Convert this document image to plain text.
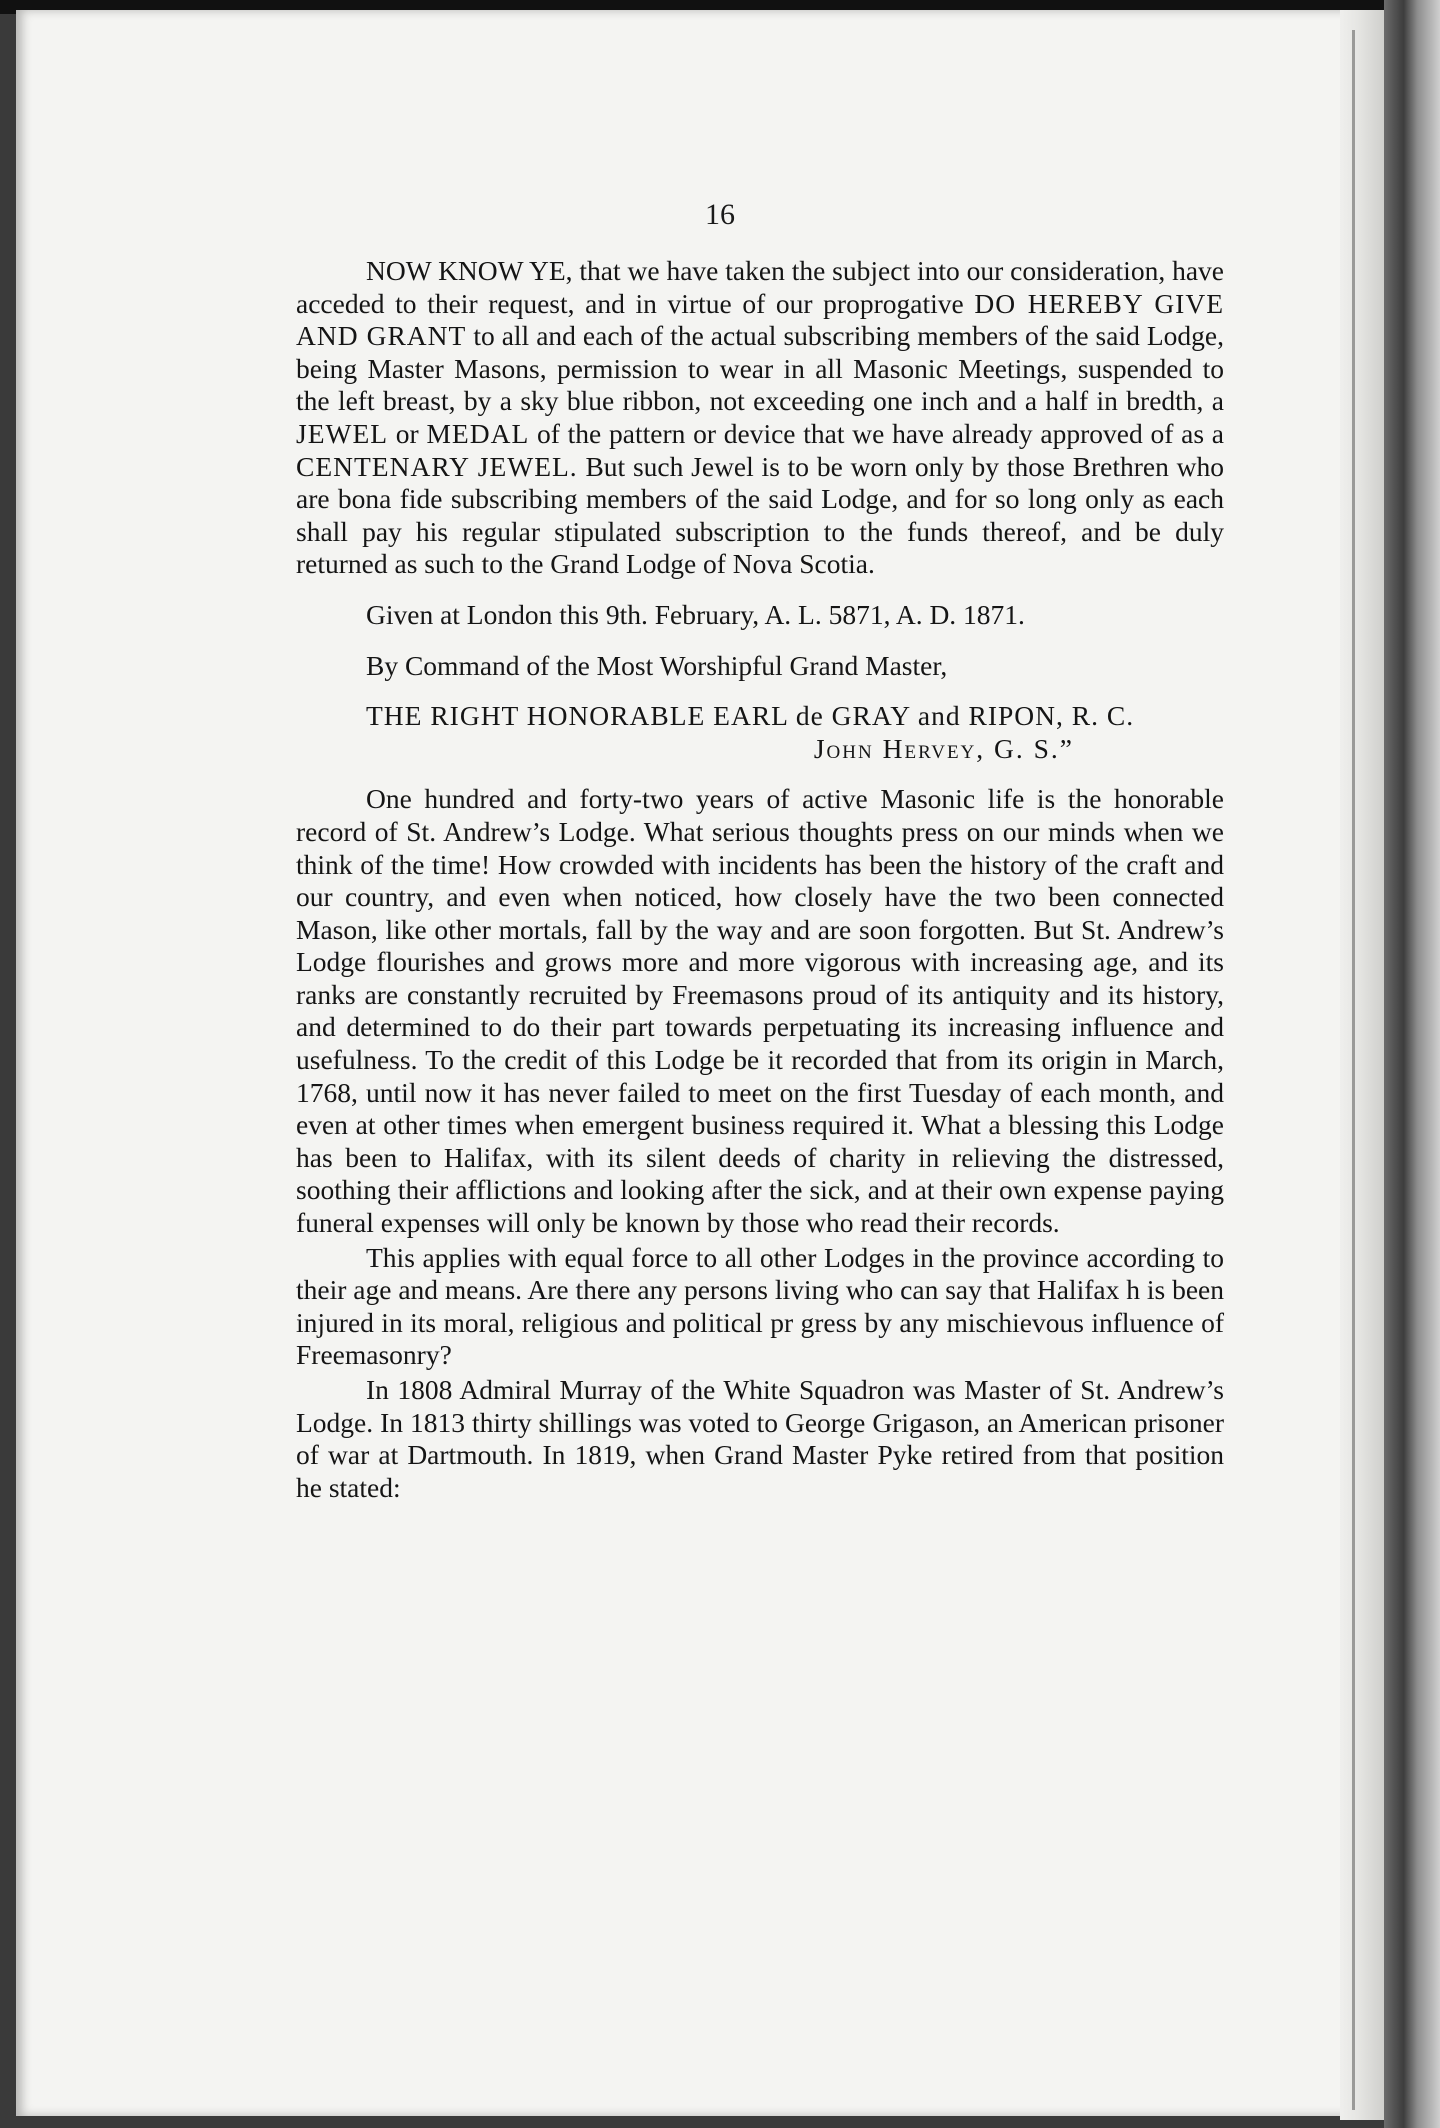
16

NOW KNOW YE, that we have taken the subject into our consideration, have acceded to their request, and in virtue of our proprogative DO HEREBY GIVE AND GRANT to all and each of the actual subscribing members of the said Lodge, being Master Masons, permission to wear in all Masonic Meetings, suspended to the left breast, by a sky blue ribbon, not exceeding one inch and a half in bredth, a JEWEL or MEDAL of the pattern or device that we have already approved of as a CENTENARY JEWEL. But such Jewel is to be worn only by those Brethren who are bona fide subscribing members of the said Lodge, and for so long only as each shall pay his regular stipulated subscription to the funds thereof, and be duly returned as such to the Grand Lodge of Nova Scotia.

Given at London this 9th. February, A. L. 5871, A. D. 1871.

By Command of the Most Worshipful Grand Master,

THE RIGHT HONORABLE EARL de GRAY and RIPON, R. C.

John Hervey, G. S.”

One hundred and forty-two years of active Masonic life is the honorable record of St. Andrew’s Lodge. What serious thoughts press on our minds when we think of the time! How crowded with incidents has been the history of the craft and our country, and even when noticed, how closely have the two been connected Mason, like other mortals, fall by the way and are soon forgotten. But St. Andrew’s Lodge flourishes and grows more and more vigorous with increasing age, and its ranks are constantly recruited by Freemasons proud of its antiquity and its history, and determined to do their part towards perpetuating its increasing influence and usefulness. To the credit of this Lodge be it recorded that from its origin in March, 1768, until now it has never failed to meet on the first Tuesday of each month, and even at other times when emergent business required it. What a blessing this Lodge has been to Halifax, with its silent deeds of charity in relieving the distressed, soothing their afflictions and looking after the sick, and at their own expense paying funeral expenses will only be known by those who read their records.

This applies with equal force to all other Lodges in the province according to their age and means. Are there any persons living who can say that Halifax h is been injured in its moral, religious and political pr gress by any mischievous influence of Freemasonry?

In 1808 Admiral Murray of the White Squadron was Master of St. Andrew’s Lodge. In 1813 thirty shillings was voted to George Grigason, an American prisoner of war at Dartmouth. In 1819, when Grand Master Pyke retired from that position he stated:
